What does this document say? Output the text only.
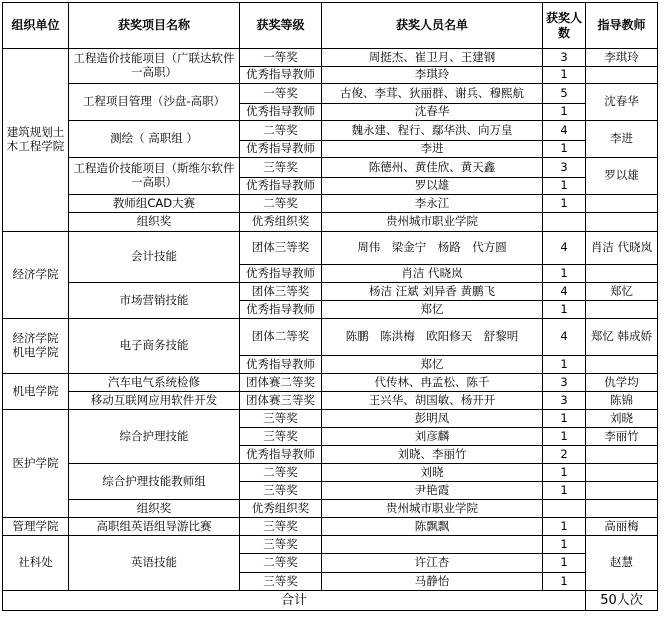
组织单位	获奖项目名称	获奖等级	获奖人员名单	获奖人数	指导教师
建筑规划土木工程学院	工程造价技能项目（广联达软件一高职）	一等奖	周挺杰、崔卫月、王建钢	3	李琪玲
		优秀指导教师	李琪玲	1	
	工程项目管理（沙盘-高职）	一等奖	古俊、李茸、狄丽群、谢兵、穆熙航	5	沈春华
		优秀指导教师	沈春华	1	
	测绘（ 高职组 ）	二等奖	魏永建、程行、鄢华洪、向万皇	4	李进
		优秀指导教师	李进	1	
	工程造价技能项目（斯维尔软件一高职）	三等奖	陈德州、黄佳欣、黄天鑫	3	罗以雄
		优秀指导教师	罗以雄	1	
	教师组CAD大赛	二等奖	李永江	1	
	组织奖	优秀组织奖	贵州城市职业学院		
经济学院	会计技能	团体三等奖	周伟　梁金宁　杨路　代方圆	4	肖洁 代晓岚
		优秀指导教师	肖洁 代晓岚	1	
	市场营销技能	团体三等奖	杨洁 汪斌 刘异香 黄鹏飞	4	郑忆
		优秀指导教师	郑忆	1	
经济学院 机电学院	电子商务技能	团体二等奖	陈鹏　陈洪梅　欧阳修天　舒黎明	4	郑忆 韩成娇
		优秀指导教师	郑忆	1	
机电学院	汽车电气系统检修	团体赛二等奖	代传林、冉孟松、陈千	3	仇学均
	移动互联网应用软件开发	团体赛三等奖	王兴华、胡国敏、杨开开	3	陈锦
医护学院	综合护理技能	三等奖	彭明凤	1	刘晓
		三等奖	刘彦麟	1	李丽竹
		优秀指导教师	刘晓、李丽竹	2	
	综合护理技能教师组	二等奖	刘晓	1	
		三等奖	尹艳霞	1	
	组织奖	优秀组织奖	贵州城市职业学院		
管理学院	高职组英语组导游比赛	三等奖	陈飘飘	1	高丽梅
社科处	英语技能	三等奖		1	赵慧
		二等奖	许江杏	1	
		三等奖	马静怡	1	
合计					50人次
